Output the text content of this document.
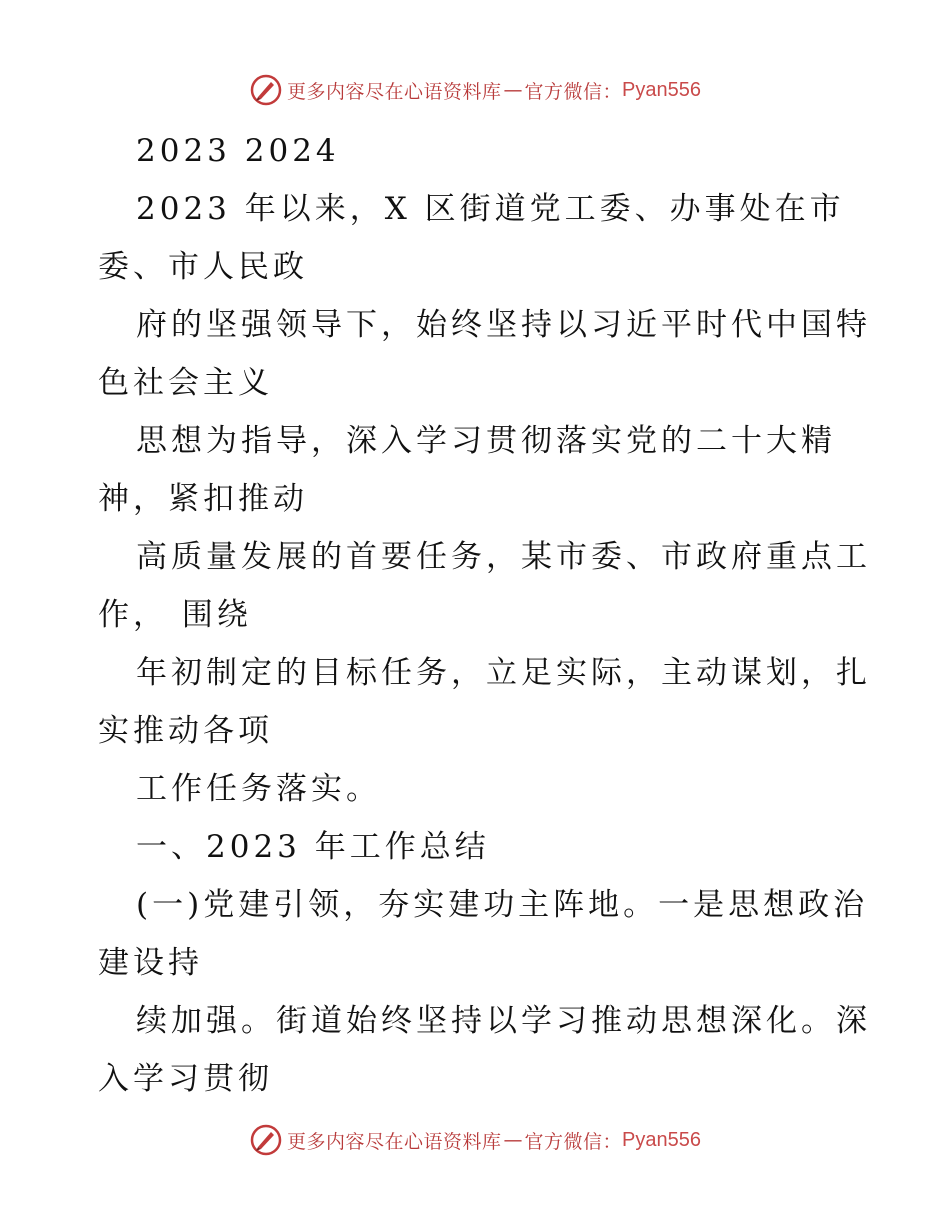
更多内容尽在心语资料库 — 官方微信： Pyan556
2023 2024
2023 年以来，X 区街道党工委、办事处在市
委、市人民政
府的坚强领导下，始终坚持以习近平时代中国特
色社会主义
思想为指导，深入学习贯彻落实党的二十大精
神，紧扣推动
高质量发展的首要任务，某市委、市政府重点工
作， 围绕
年初制定的目标任务，立足实际，主动谋划，扎
实推动各项
工作任务落实。
一、2023 年工作总结
(一)党建引领，夯实建功主阵地。一是思想政治
建设持
续加强。街道始终坚持以学习推动思想深化。深
入学习贯彻
更多内容尽在心语资料库 — 官方微信： Pyan556
